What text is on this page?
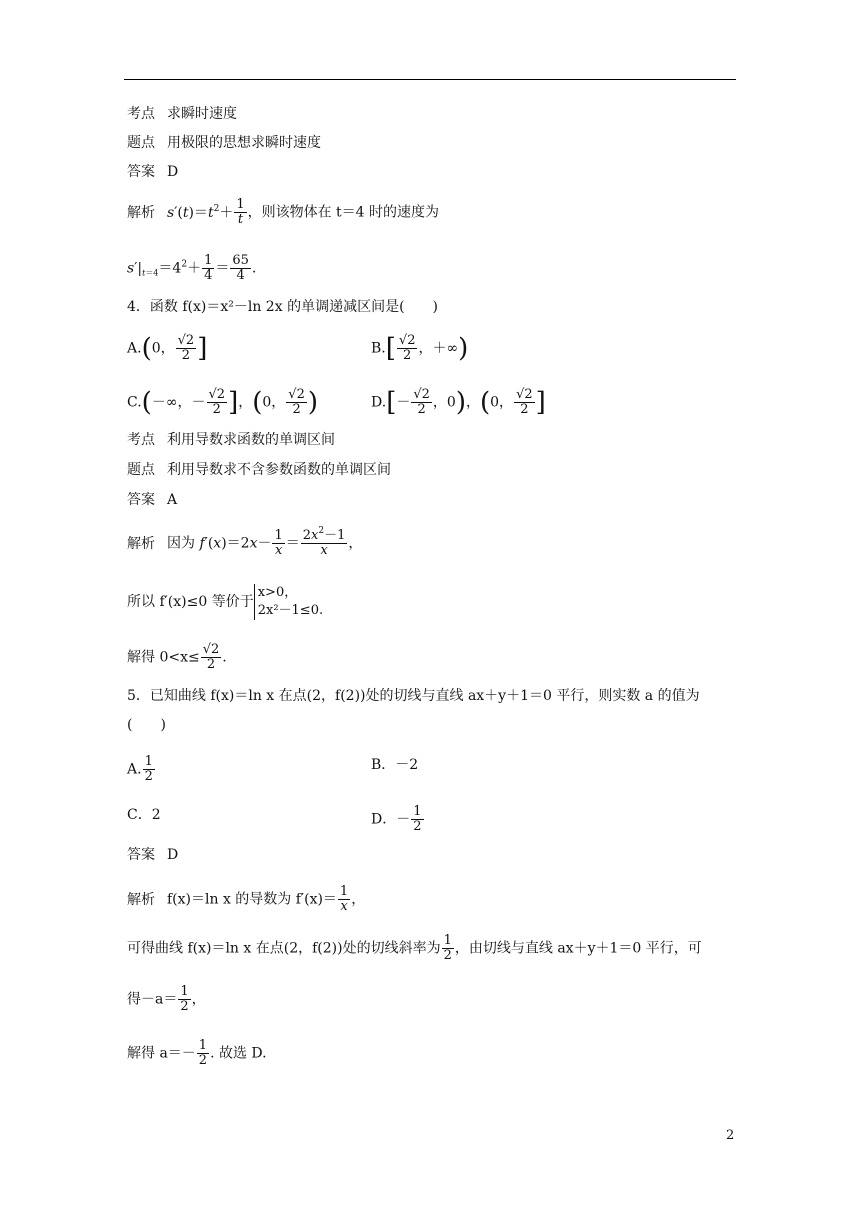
考点 求瞬时速度
题点 用极限的思想求瞬时速度
答案 D
解析 $s'(t)=t^2+ \frac{1}{t}$ ，则该物体在 t＝4 时的速度为
$s'|_{t=4}=4^2+ \frac{1}{4} = \frac{65}{4}$ .
4．函数 f(x)＝x²－ln 2x 的单调递减区间是(　　)
A.(0， $\frac{√2}{2}$ ]	$B.[ \frac{√2}{2}$ ，＋∞)
C.(－∞，－ $\frac{√2}{2}$ ]，(0， $\frac{√2}{2}$ )	$D.[- \frac{√2}{2}$ ，0)，(0， $\frac{√2}{2}$ ]
考点 利用导数求函数的单调区间
题点 利用导数求不含参数函数的单调区间
答案 A
解析 因为 $f'(x)=2x- \frac{1}{x} = \frac{2x^2-1}{x}$ ，
所以 f′(x)≤0 等价于
x>0，
2x²－1≤0.
解得 $0<x\le \frac{√2}{2}$ .
5．已知曲线 f(x)＝ln x 在点(2，f(2))处的切线与直线 ax＋y＋1＝0 平行，则实数 a 的值为
(　　)
A. $\frac{1}{2}$	B．－2
C．2	D．－ $\frac{1}{2}$
答案 D
解析 f(x)＝ln x 的导数为 $f'(x)= \frac{1}{x}$ ，
可得曲线 f(x)＝ln x 在点(2，f(2))处的切线斜率为 $\frac{1}{2}$ ，由切线与直线 ax＋y＋1＝0 平行，可
得$-a= \frac{1}{2}$ ，
解得 $a=- \frac{1}{2}$ . 故选 D.
2
